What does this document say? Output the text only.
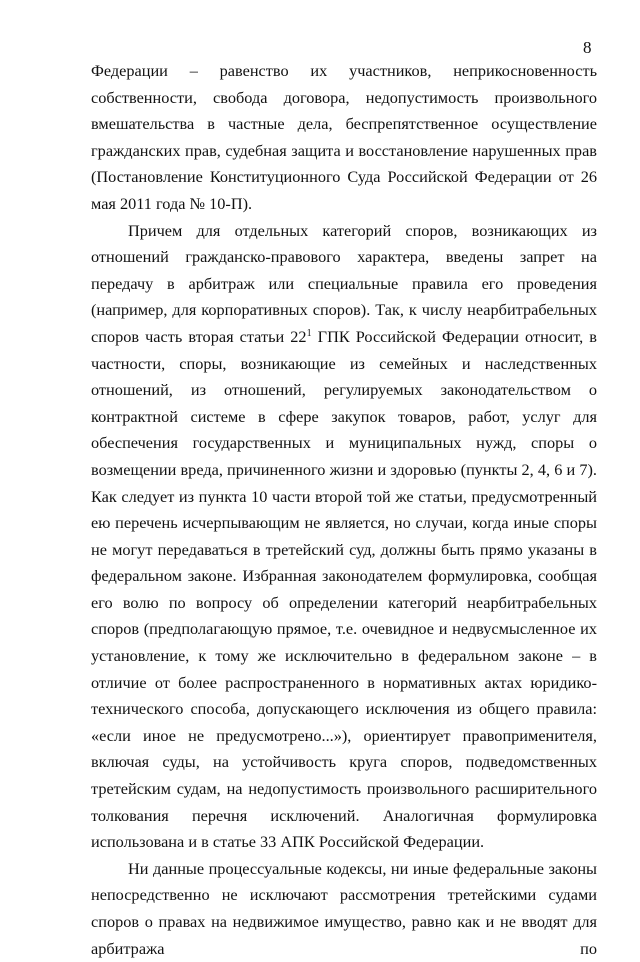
8

Федерации – равенство их участников, неприкосновенность собственности, свобода договора, недопустимость произвольного вмешательства в частные дела, беспрепятственное осуществление гражданских прав, судебная защита и восстановление нарушенных прав (Постановление Конституционного Суда Российской Федерации от 26 мая 2011 года № 10-П).

Причем для отдельных категорий споров, возникающих из отношений гражданско-правового характера, введены запрет на передачу в арбитраж или специальные правила его проведения (например, для корпоративных споров). Так, к числу неарбитрабельных споров часть вторая статьи $22^1$ ГПК Российской Федерации относит, в частности, споры, возникающие из семейных и наследственных отношений, из отношений, регулируемых законодательством о контрактной системе в сфере закупок товаров, работ, услуг для обеспечения государственных и муниципальных нужд, споры о возмещении вреда, причиненного жизни и здоровью (пункты 2, 4, 6 и 7). Как следует из пункта 10 части второй той же статьи, предусмотренный ею перечень исчерпывающим не является, но случаи, когда иные споры не могут передаваться в третейский суд, должны быть прямо указаны в федеральном законе. Избранная законодателем формулировка, сообщая его волю по вопросу об определении категорий неарбитрабельных споров (предполагающую прямое, т.е. очевидное и недвусмысленное их установление, к тому же исключительно в федеральном законе – в отличие от более распространенного в нормативных актах юридико-технического способа, допускающего исключения из общего правила: «если иное не предусмотрено...»), ориентирует правоприменителя, включая суды, на устойчивость круга споров, подведомственных третейским судам, на недопустимость произвольного расширительного толкования перечня исключений. Аналогичная формулировка использована и в статье 33 АПК Российской Федерации.

Ни данные процессуальные кодексы, ни иные федеральные законы непосредственно не исключают рассмотрения третейскими судами споров о правах на недвижимое имущество, равно как и не вводят для арбитража по
